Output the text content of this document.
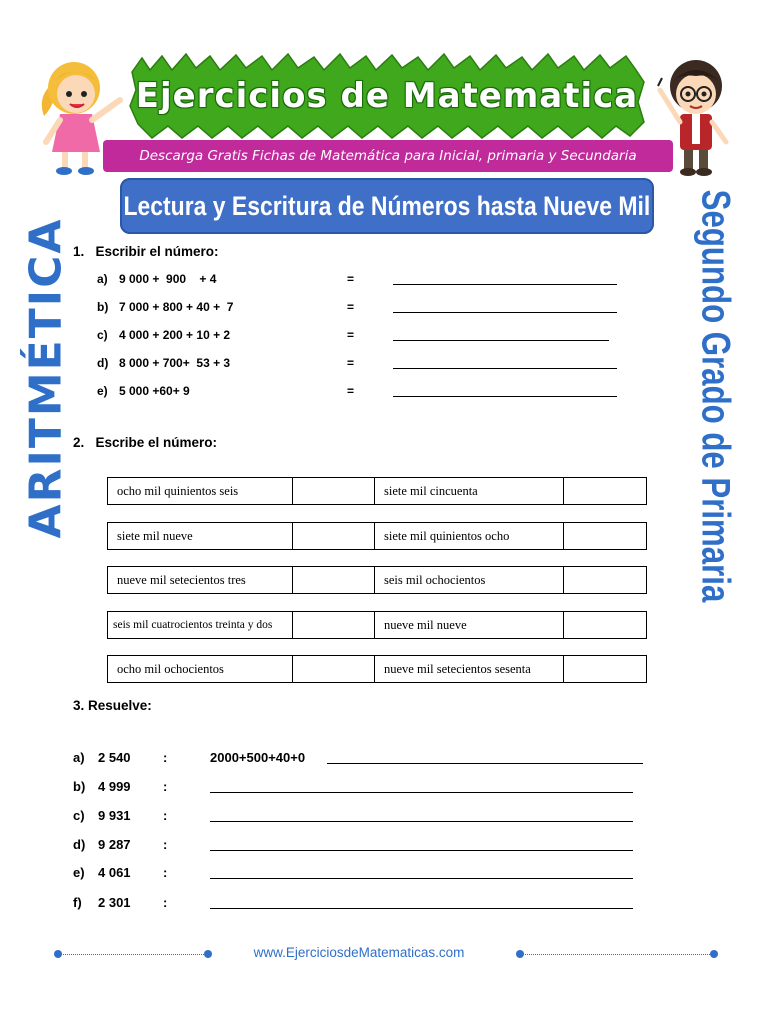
Ejercicios de Matematica
Descarga Gratis Fichas de Matemática para Inicial, primaria y Secundaria
Lectura y Escritura de Números hasta Nueve Mil
ARITMÉTICA	Segundo Grado de Primaria
1.   Escribir el número:
a) 9 000 +  900    + 4	=
b) 7 000 + 800 + 40 +  7	=
c) 4 000 + 200 + 10 + 2	=
d) 8 000 + 700+  53 + 3	=
e) 5 000 +60+ 9	=
2.   Escribe el número:
ocho mil quinientos seis	siete mil cincuenta
siete mil nueve	siete mil quinientos ocho
nueve mil setecientos tres	seis mil ochocientos
seis mil cuatrocientos treinta y dos	nueve mil nueve
ocho mil ochocientos	nueve mil setecientos sesenta
3. Resuelve:
a) 2 540 :	2000+500+40+0
b) 4 999 :
c) 9 931 :
d) 9 287 :
e) 4 061 :
f) 2 301 :
www.EjerciciosdeMatematicas.com
